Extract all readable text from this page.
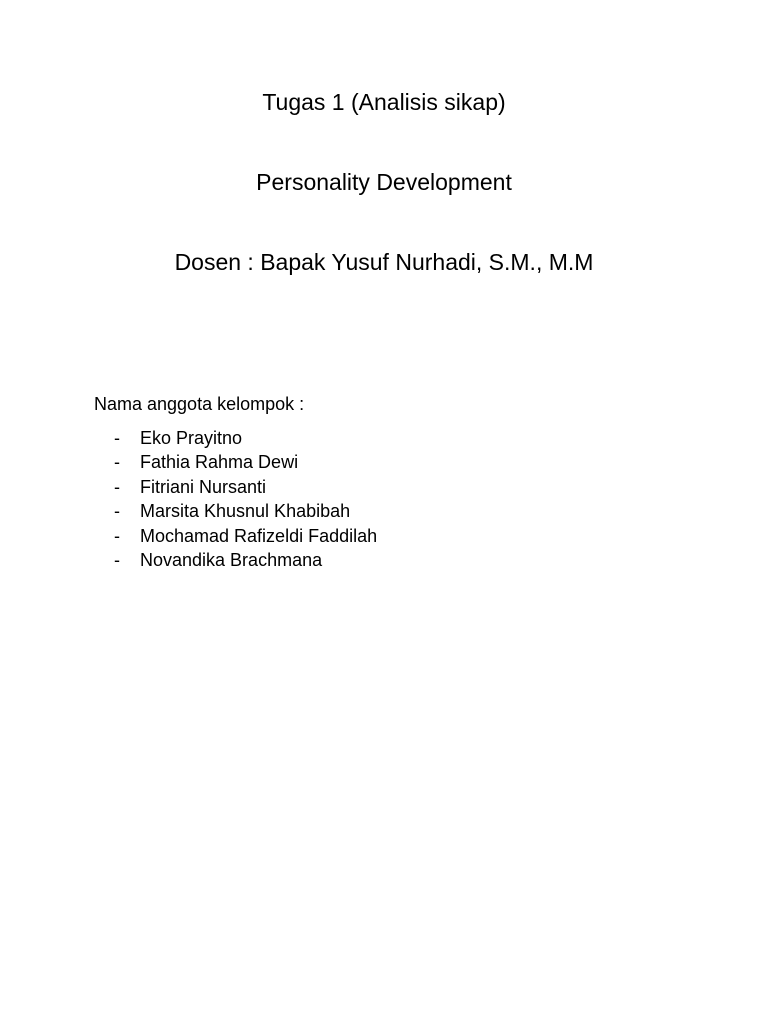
Tugas 1 (Analisis sikap)
Personality Development
Dosen : Bapak Yusuf Nurhadi, S.M., M.M

Nama anggota kelompok :

- Eko Prayitno
- Fathia Rahma Dewi
- Fitriani Nursanti
- Marsita Khusnul Khabibah
- Mochamad Rafizeldi Faddilah
- Novandika Brachmana
